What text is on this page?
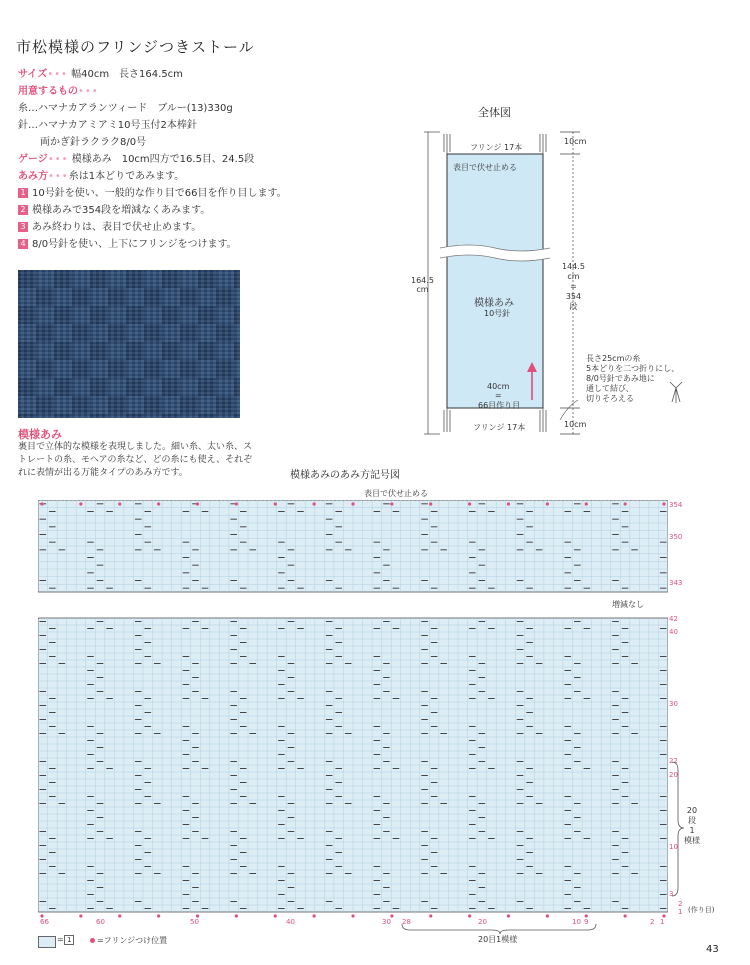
市松模様のフリンジつきストール
サイズ••• 幅40cm　長さ164.5cm
用意するもの•••
糸…ハマナカアランツィード　ブルー(13)330g
針…ハマナカアミアミ10号玉付2本棒針
両かぎ針ラクラク8/0号
ゲージ••• 模様あみ　10cm四方で16.5目、24.5段
あみ方•••糸は1本どりであみます。
1 10号針を使い、一般的な作り目で66目を作り目します。
2 模様あみで354段を増減なくあみます。
3 あみ終わりは、表目で伏せ止めます。
4 8/0号針を使い、上下にフリンジをつけます。
模様あみ
裏目で立体的な模様を表現しました。細い糸、太い糸、ストレートの糸、モヘアの糸など、どの糸にも使え、それぞれに表情が出る万能タイプのあみ方です。
全体図
フリンジ 17本
表目で伏せ止める
10cm
164.5
cm
144.5
cm
=
354
段
模様あみ
10号針
40cm
=
66目作り目
フリンジ 17本	10cm
長さ25cmの糸
5本どりを二つ折りにし、
8/0号針であみ地に
通して結び、
切りそろえる
模様あみのあみ方記号図
表目で伏せ止める
増減なし
354
350
343
42
40
30
22
20
10
3
2
1 (作り目)
20
段
1
模様
66	60	50	40	30 28	20	10 9	2 1
20目1模様
= 1	=フリンジつけ位置
43
